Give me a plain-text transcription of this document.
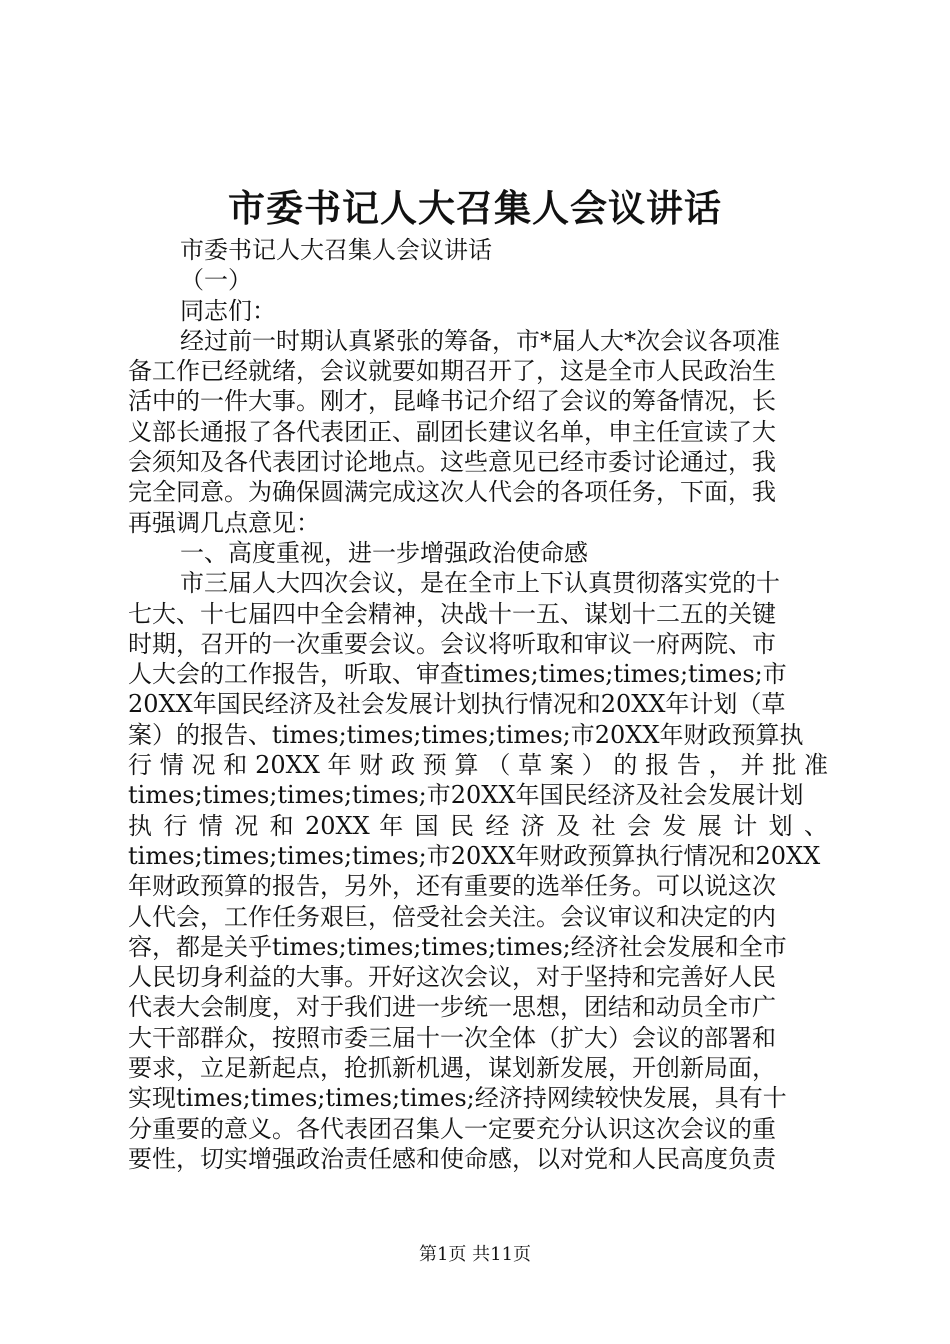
市委书记人大召集人会议讲话
市委书记人大召集人会议讲话
（一）
同志们：
经过前一时期认真紧张的筹备，市*届人大*次会议各项准
备工作已经就绪，会议就要如期召开了，这是全市人民政治生
活中的一件大事。刚才，昆峰书记介绍了会议的筹备情况，长
义部长通报了各代表团正、副团长建议名单，申主任宣读了大
会须知及各代表团讨论地点。这些意见已经市委讨论通过，我
完全同意。为确保圆满完成这次人代会的各项任务，下面，我
再强调几点意见：
一、高度重视，进一步增强政治使命感
市三届人大四次会议，是在全市上下认真贯彻落实党的十
七大、十七届四中全会精神，决战十一五、谋划十二五的关键
时期，召开的一次重要会议。会议将听取和审议一府两院、市
人大会的工作报告，听取、审查times;times;times;times;市
20XX年国民经济及社会发展计划执行情况和20XX年计划（草
案）的报告、times;times;times;times;市20XX年财政预算执
行 情 况 和 20XX 年 财 政 预 算 （ 草 案 ） 的 报 告 ， 并 批 准
times;times;times;times;市20XX年国民经济及社会发展计划
执 行 情 况 和 20XX 年 国 民 经 济 及 社 会 发 展 计 划 、
times;times;times;times;市20XX年财政预算执行情况和20XX
年财政预算的报告，另外，还有重要的选举任务。可以说这次
人代会，工作任务艰巨，倍受社会关注。会议审议和决定的内
容，都是关乎times;times;times;times;经济社会发展和全市
人民切身利益的大事。开好这次会议，对于坚持和完善好人民
代表大会制度，对于我们进一步统一思想，团结和动员全市广
大干部群众，按照市委三届十一次全体（扩大）会议的部署和
要求，立足新起点，抢抓新机遇，谋划新发展，开创新局面，
实现times;times;times;times;经济持网续较快发展，具有十
分重要的意义。各代表团召集人一定要充分认识这次会议的重
要性，切实增强政治责任感和使命感，以对党和人民高度负责
第1页 共11页
